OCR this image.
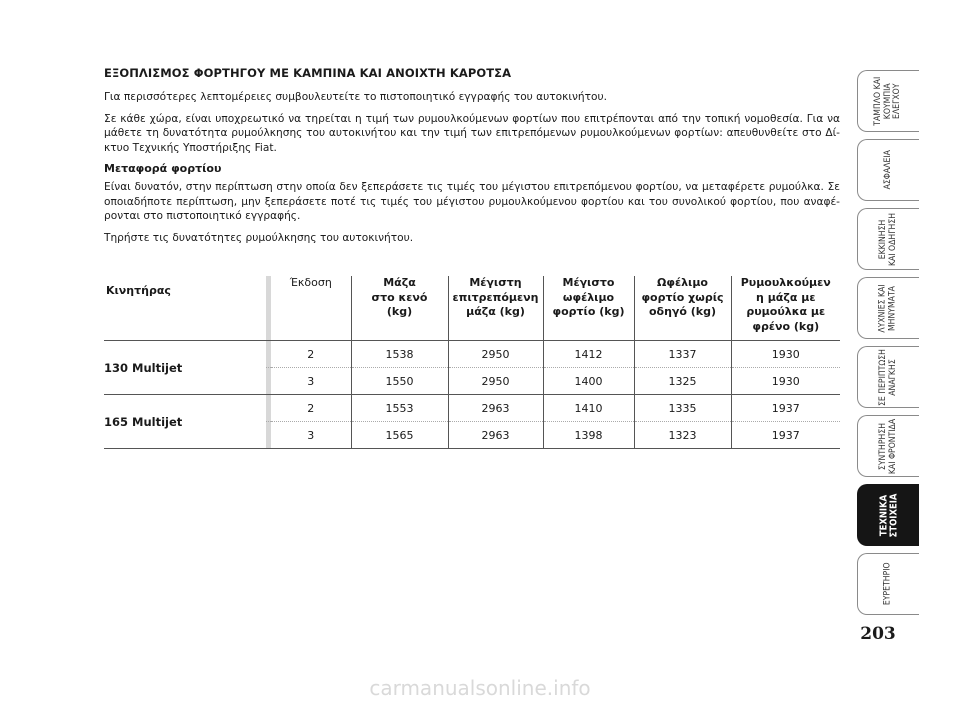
ΕΞΟΠΛΙΣΜΟΣ ΦΟΡΤΗΓΟΥ ΜΕ ΚΑΜΠΙΝΑ ΚΑΙ ΑΝΟΙΧΤΗ ΚΑΡΟΤΣΑ

Για περισσότερες λεπτομέρειες συμβουλευτείτε το πιστοποιητικό εγγραφής του αυτοκινήτου.

Σε κάθε χώρα, είναι υποχρεωτικό να τηρείται η τιμή των ρυμουλκούμενων φορτίων που επιτρέπονται από την τοπική νομοθεσία. Για να μάθετε τη δυνατότητα ρυμούλκησης του αυτοκινήτου και την τιμή των επιτρεπόμενων ρυμουλκούμενων φορτίων: απευθυνθείτε στο Δί-κτυο Τεχνικής Υποστήριξης Fiat.

Μεταφορά φορτίου

Είναι δυνατόν, στην περίπτωση στην οποία δεν ξεπεράσετε τις τιμές του μέγιστου επιτρεπόμενου φορτίου, να μεταφέρετε ρυμούλκα. Σε οποιαδήποτε περίπτωση, μην ξεπεράσετε ποτέ τις τιμές του μέγιστου ρυμουλκούμενου φορτίου και του συνολικού φορτίου, που αναφέ-ρονται στο πιστοποιητικό εγγραφής.

Τηρήστε τις δυνατότητες ρυμούλκησης του αυτοκινήτου.

Κινητήρας		Έκδοση	Μάζα
στο κενό
(kg)	Μέγιστη
επιτρεπόμενη
μάζα (kg)	Μέγιστο
ωφέλιμο
φορτίο (kg)	Ωφέλιμο
φορτίο χωρίς
οδηγό (kg)	Ρυμουλκούμεν
η μάζα με
ρυμούλκα με
φρένο (kg)
130 Multijet		2	1538	2950	1412	1337	1930
		3	1550	2950	1400	1325	1930
165 Multijet		2	1553	2963	1410	1335	1937
		3	1565	2963	1398	1323	1937
ΤΑΜΠΛΟ ΚΑΙ
ΚΟΥΜΠΙΑ
ΕΛΕΓΧΟΥ
ΑΣΦΑΛΕΙΑ
ΕΚΚΙΝΗΣΗ
ΚΑΙ ΟΔΗΓΗΣΗ
ΛΥΧΝΙΕΣ ΚΑΙ
ΜΗΝΥΜΑΤΑ
ΣΕ ΠΕΡΙΠΤΩΣΗ
ΑΝΑΓΚΗΣ
ΣΥΝΤΗΡΗΣΗ
ΚΑΙ ΦΡΟΝΤΙΔΑ
ΤΕΧΝΙΚΑ
ΣΤΟΙΧΕΙΑ
ΕΥΡΕΤΗΡΙΟ
203
carmanualsonline.info
